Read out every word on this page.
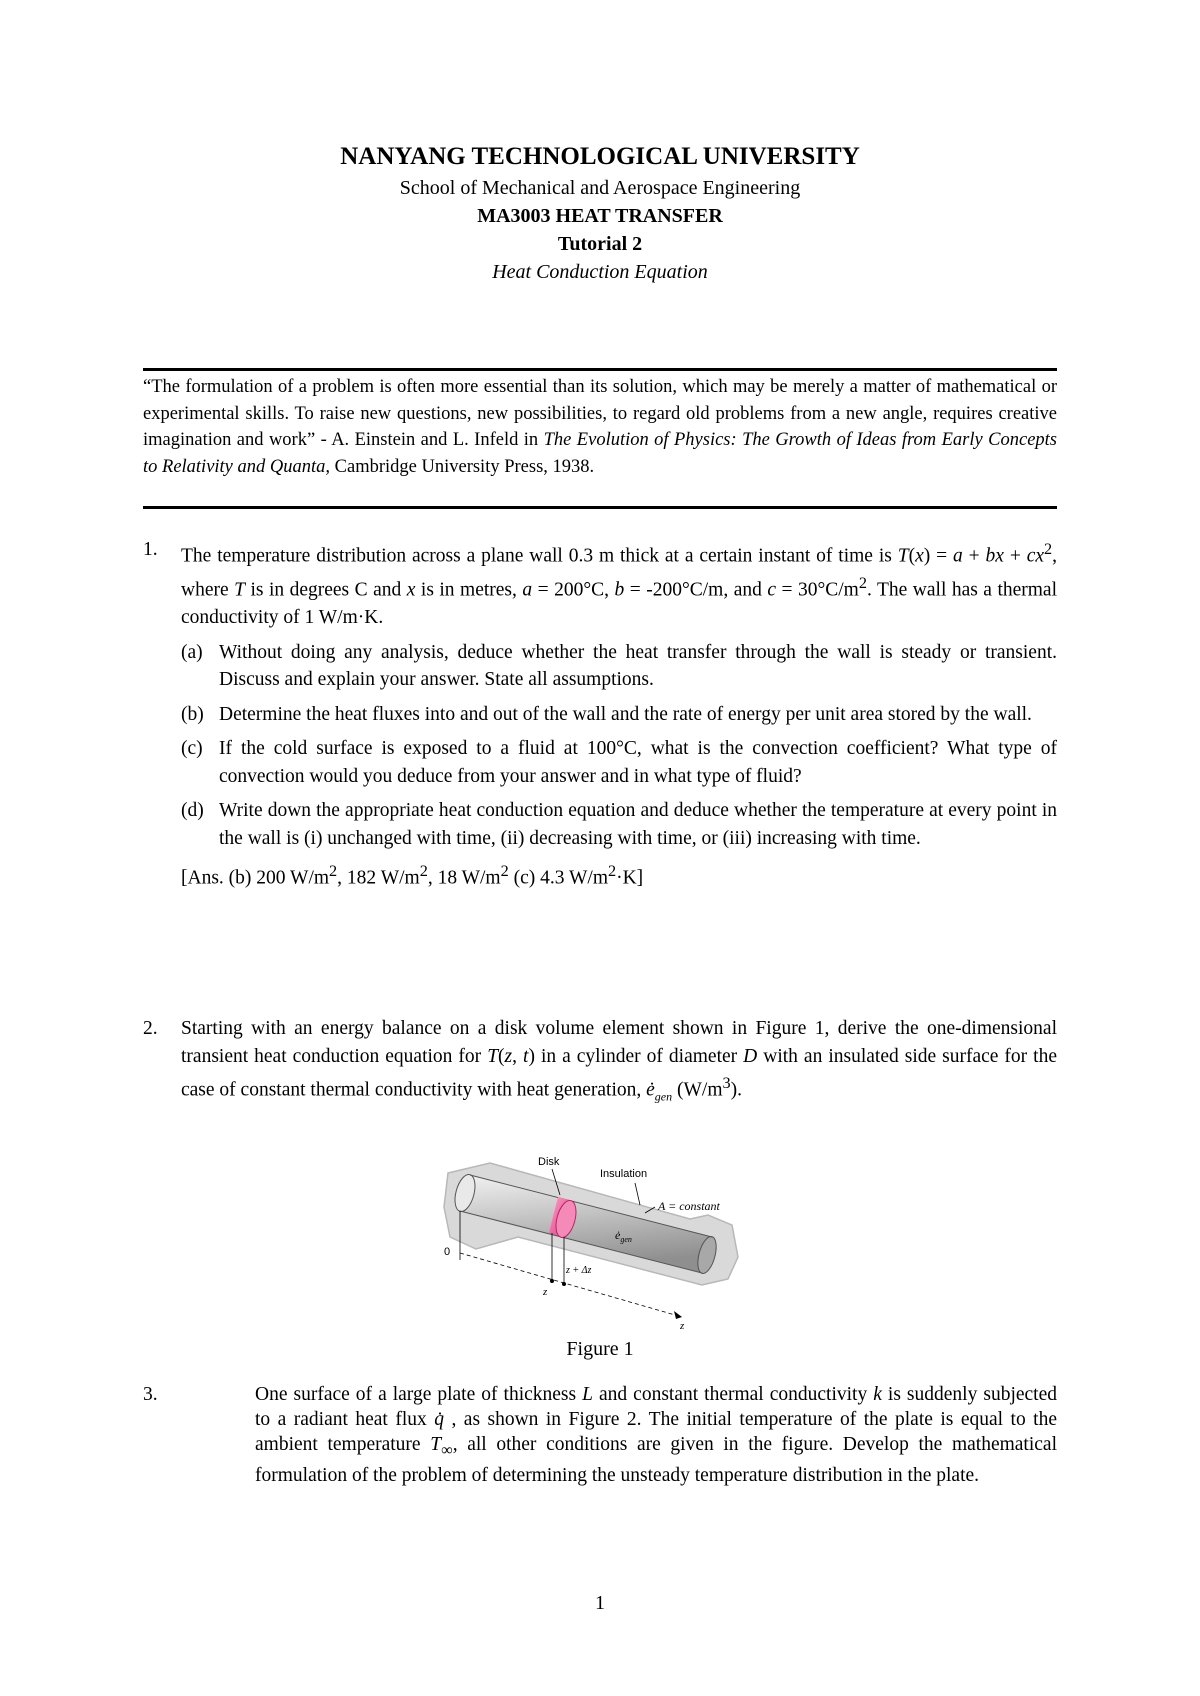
NANYANG TECHNOLOGICAL UNIVERSITY
School of Mechanical and Aerospace Engineering
MA3003 HEAT TRANSFER
Tutorial 2
Heat Conduction Equation
“The formulation of a problem is often more essential than its solution, which may be merely a matter of mathematical or experimental skills. To raise new questions, new possibilities, to regard old problems from a new angle, requires creative imagination and work” - A. Einstein and L. Infeld in The Evolution of Physics: The Growth of Ideas from Early Concepts to Relativity and Quanta, Cambridge University Press, 1938.
1. The temperature distribution across a plane wall 0.3 m thick at a certain instant of time is T(x) = a + bx + $cx^2$, where T is in degrees C and x is in metres, a = 200°C, b = -200°C/m, and $c = 30^\circ C/m^2$. The wall has a thermal conductivity of 1 W/m·K.
(a) Without doing any analysis, deduce whether the heat transfer through the wall is steady or transient. Discuss and explain your answer. State all assumptions.
(b) Determine the heat fluxes into and out of the wall and the rate of energy per unit area stored by the wall.
(c) If the cold surface is exposed to a fluid at 100°C, what is the convection coefficient? What type of convection would you deduce from your answer and in what type of fluid?
(d) Write down the appropriate heat conduction equation and deduce whether the temperature at every point in the wall is (i) unchanged with time, (ii) decreasing with time, or (iii) increasing with time.
[Ans. (b) 200 $W/m^2$, 182 $W/m^2$, 18 $W/m^2$ (c) 4.3 $W/m^2\cdot K$]
2. Starting with an energy balance on a disk volume element shown in Figure 1, derive the one-dimensional transient heat conduction equation for T(z, t) in a cylinder of diameter D with an insulated side surface for the case of constant thermal conductivity with heat generation, $ė_{gen}$ $(W/m^3)$.
Disk
Insulation
A = constant
$ė_{gen}$
0
z
z
z + Δz
Figure 1
3.	One surface of a large plate of thickness L and constant thermal conductivity k is suddenly subjected to a radiant heat flux q̇ , as shown in Figure 2. The initial temperature of the plate is equal to the ambient temperature $T_\infty$, all other conditions are given in the figure. Develop the mathematical formulation of the problem of determining the unsteady temperature distribution in the plate.
1
